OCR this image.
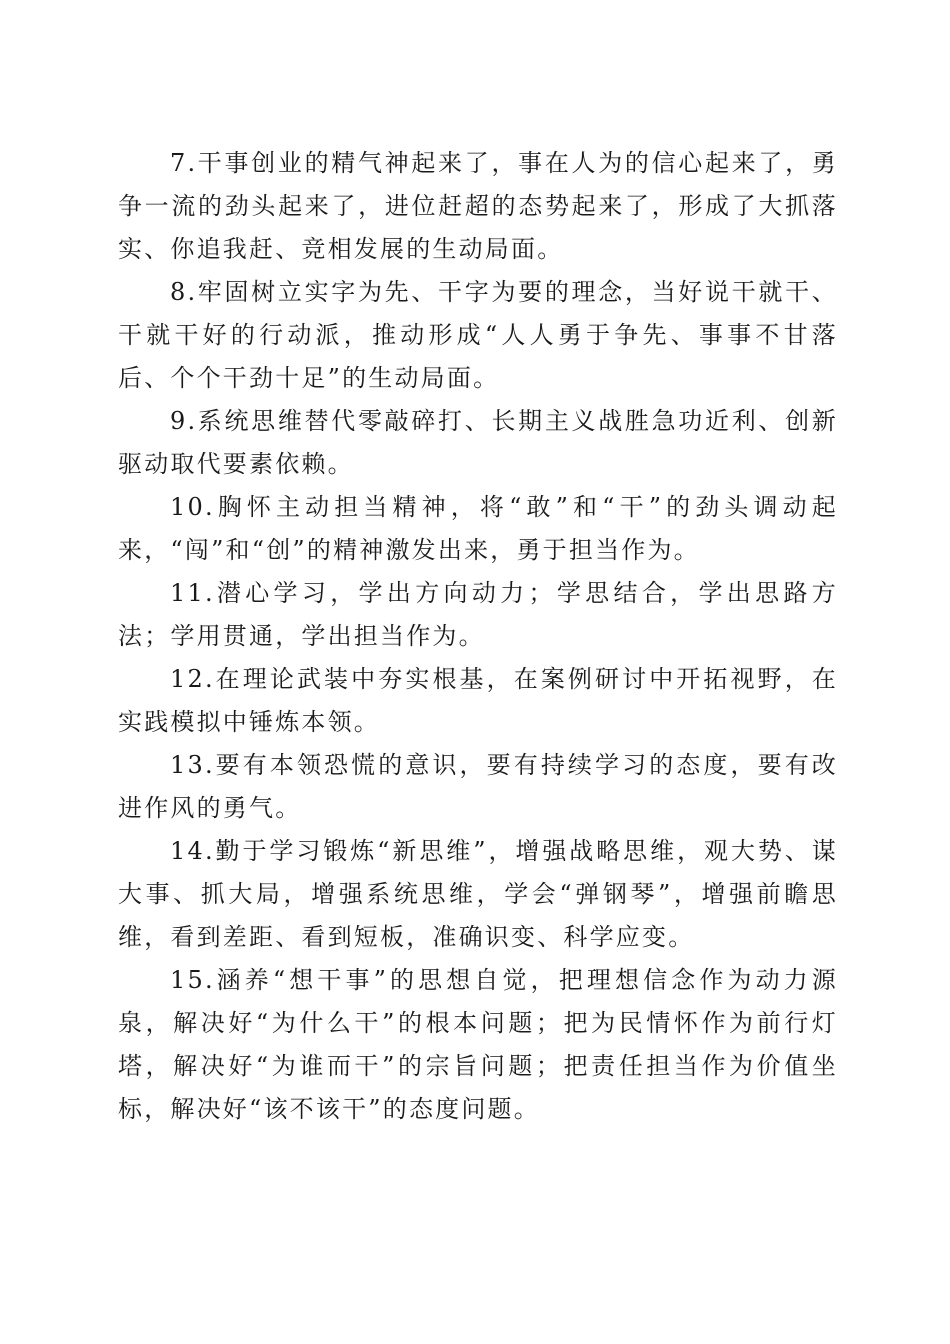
7.干事创业的精气神起来了，事在人为的信心起来了，勇争一流的劲头起来了，进位赶超的态势起来了，形成了大抓落实、你追我赶、竞相发展的生动局面。

8.牢固树立实字为先、干字为要的理念，当好说干就干、干就干好的行动派，推动形成“人人勇于争先、事事不甘落后、个个干劲十足”的生动局面。

9.系统思维替代零敲碎打、长期主义战胜急功近利、创新驱动取代要素依赖。

10.胸怀主动担当精神，将“敢”和“干”的劲头调动起来，“闯”和“创”的精神激发出来，勇于担当作为。

11.潜心学习，学出方向动力；学思结合，学出思路方法；学用贯通，学出担当作为。

12.在理论武装中夯实根基，在案例研讨中开拓视野，在实践模拟中锤炼本领。

13.要有本领恐慌的意识，要有持续学习的态度，要有改进作风的勇气。

14.勤于学习锻炼“新思维”，增强战略思维，观大势、谋大事、抓大局，增强系统思维，学会“弹钢琴”，增强前瞻思维，看到差距、看到短板，准确识变、科学应变。

15.涵养“想干事”的思想自觉，把理想信念作为动力源泉，解决好“为什么干”的根本问题；把为民情怀作为前行灯塔，解决好“为谁而干”的宗旨问题；把责任担当作为价值坐标，解决好“该不该干”的态度问题。
